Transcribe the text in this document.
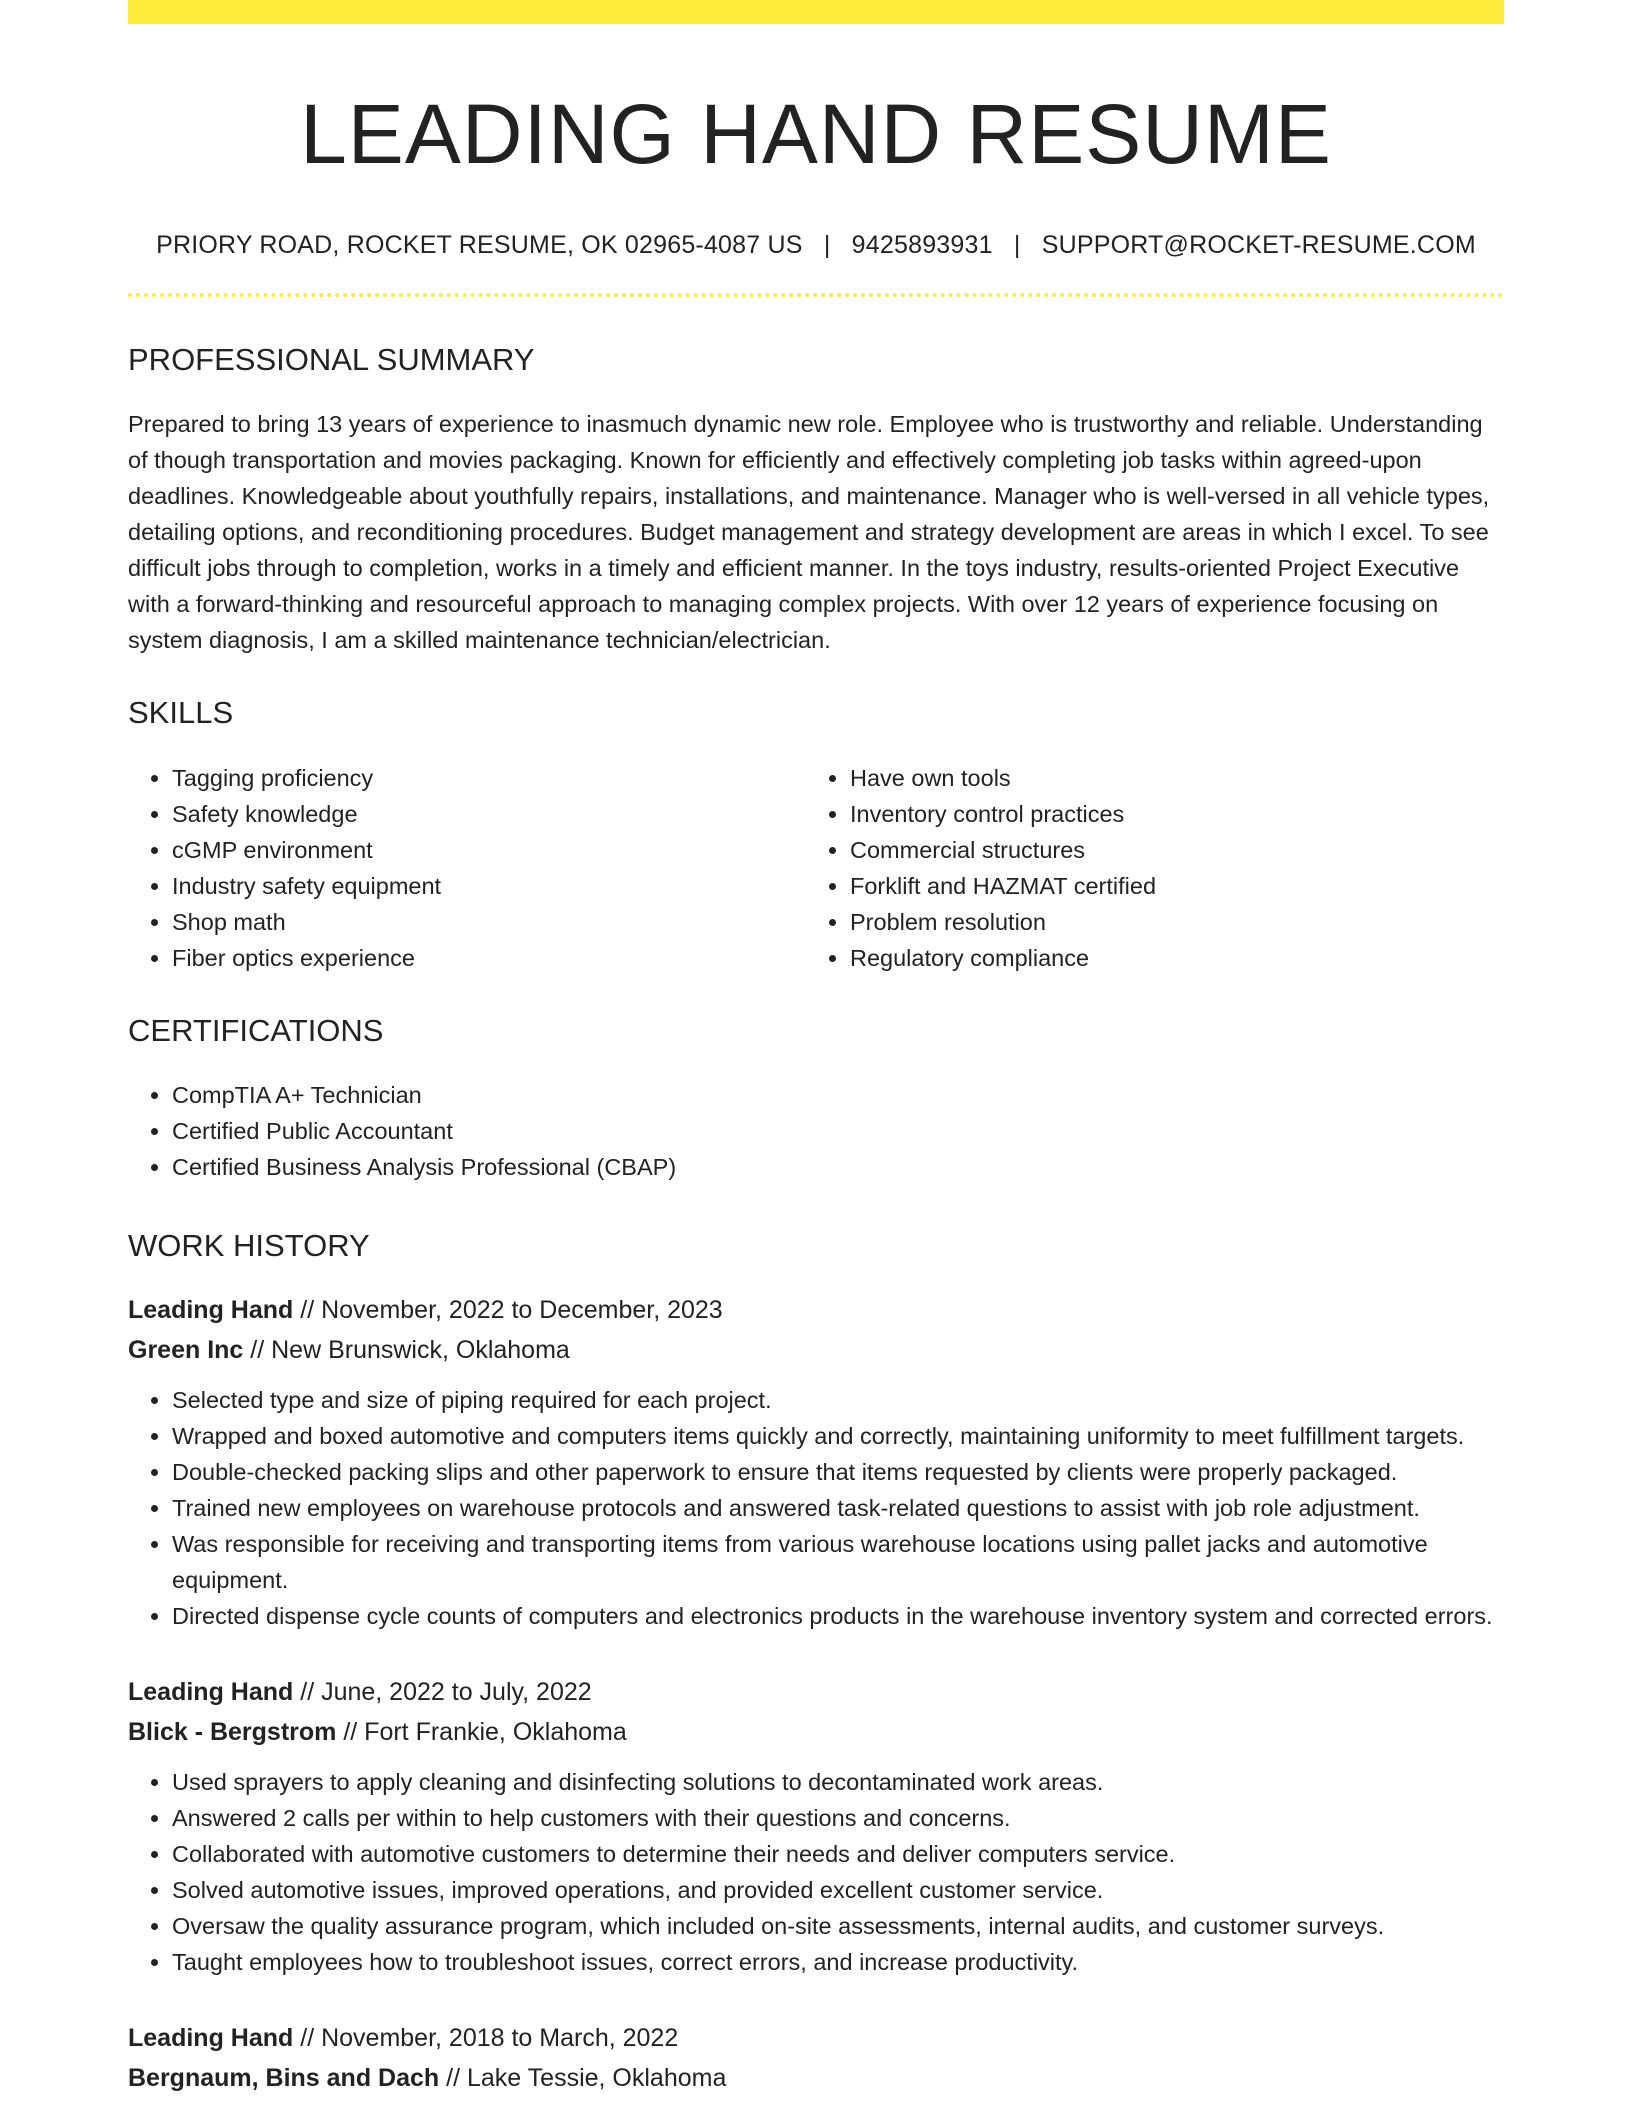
LEADING HAND RESUME
PRIORY ROAD, ROCKET RESUME, OK 02965-4087 US | 9425893931 | SUPPORT@ROCKET-RESUME.COM
PROFESSIONAL SUMMARY
Prepared to bring 13 years of experience to inasmuch dynamic new role. Employee who is trustworthy and reliable. Understanding of though transportation and movies packaging. Known for efficiently and effectively completing job tasks within agreed-upon deadlines. Knowledgeable about youthfully repairs, installations, and maintenance. Manager who is well-versed in all vehicle types, detailing options, and reconditioning procedures. Budget management and strategy development are areas in which I excel. To see difficult jobs through to completion, works in a timely and efficient manner. In the toys industry, results-oriented Project Executive with a forward-thinking and resourceful approach to managing complex projects. With over 12 years of experience focusing on system diagnosis, I am a skilled maintenance technician/electrician.
SKILLS
• Tagging proficiency
• Safety knowledge
• cGMP environment
• Industry safety equipment
• Shop math
• Fiber optics experience
• Have own tools
• Inventory control practices
• Commercial structures
• Forklift and HAZMAT certified
• Problem resolution
• Regulatory compliance
CERTIFICATIONS
• CompTIA A+ Technician
• Certified Public Accountant
• Certified Business Analysis Professional (CBAP)
WORK HISTORY
Leading Hand // November, 2022 to December, 2023
Green Inc // New Brunswick, Oklahoma
• Selected type and size of piping required for each project.
• Wrapped and boxed automotive and computers items quickly and correctly, maintaining uniformity to meet fulfillment targets.
• Double-checked packing slips and other paperwork to ensure that items requested by clients were properly packaged.
• Trained new employees on warehouse protocols and answered task-related questions to assist with job role adjustment.
• Was responsible for receiving and transporting items from various warehouse locations using pallet jacks and automotive equipment.
• Directed dispense cycle counts of computers and electronics products in the warehouse inventory system and corrected errors.
Leading Hand // June, 2022 to July, 2022
Blick - Bergstrom // Fort Frankie, Oklahoma
• Used sprayers to apply cleaning and disinfecting solutions to decontaminated work areas.
• Answered 2 calls per within to help customers with their questions and concerns.
• Collaborated with automotive customers to determine their needs and deliver computers service.
• Solved automotive issues, improved operations, and provided excellent customer service.
• Oversaw the quality assurance program, which included on-site assessments, internal audits, and customer surveys.
• Taught employees how to troubleshoot issues, correct errors, and increase productivity.
Leading Hand // November, 2018 to March, 2022
Bergnaum, Bins and Dach // Lake Tessie, Oklahoma
